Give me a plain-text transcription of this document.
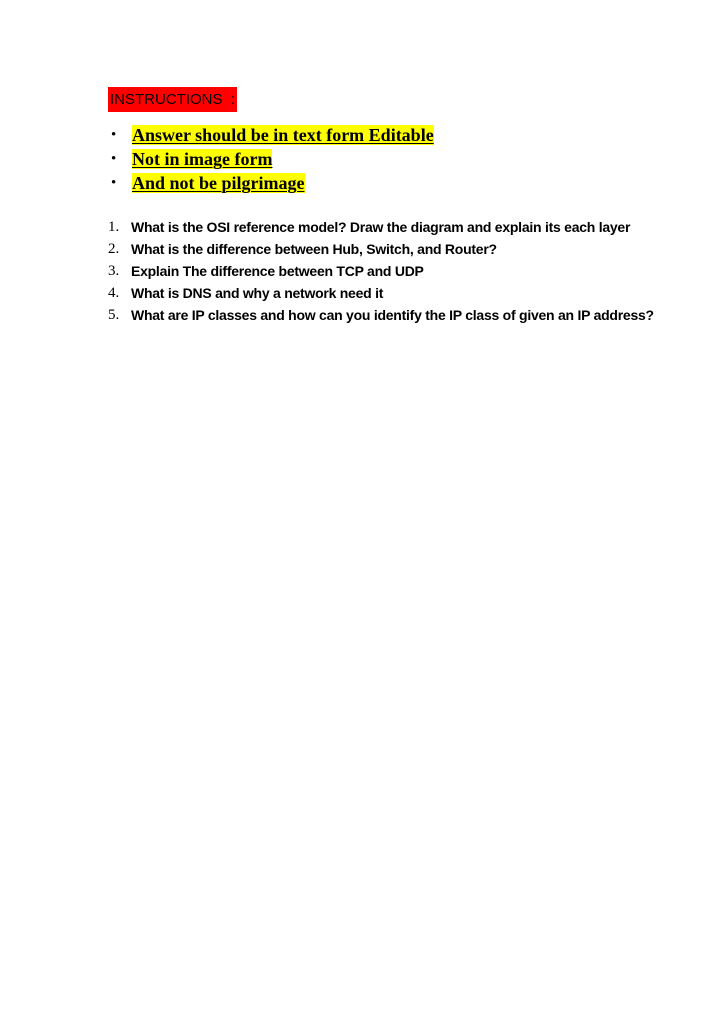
INSTRUCTIONS  :
• Answer should be in text form Editable
• Not in image form
• And not be pilgrimage
1. What is the OSI reference model? Draw the diagram and explain its each layer
2. What is the difference between Hub, Switch, and Router?
3. Explain The difference between TCP and UDP
4. What is DNS and why a network need it
5. What are IP classes and how can you identify the IP class of given an IP address?
